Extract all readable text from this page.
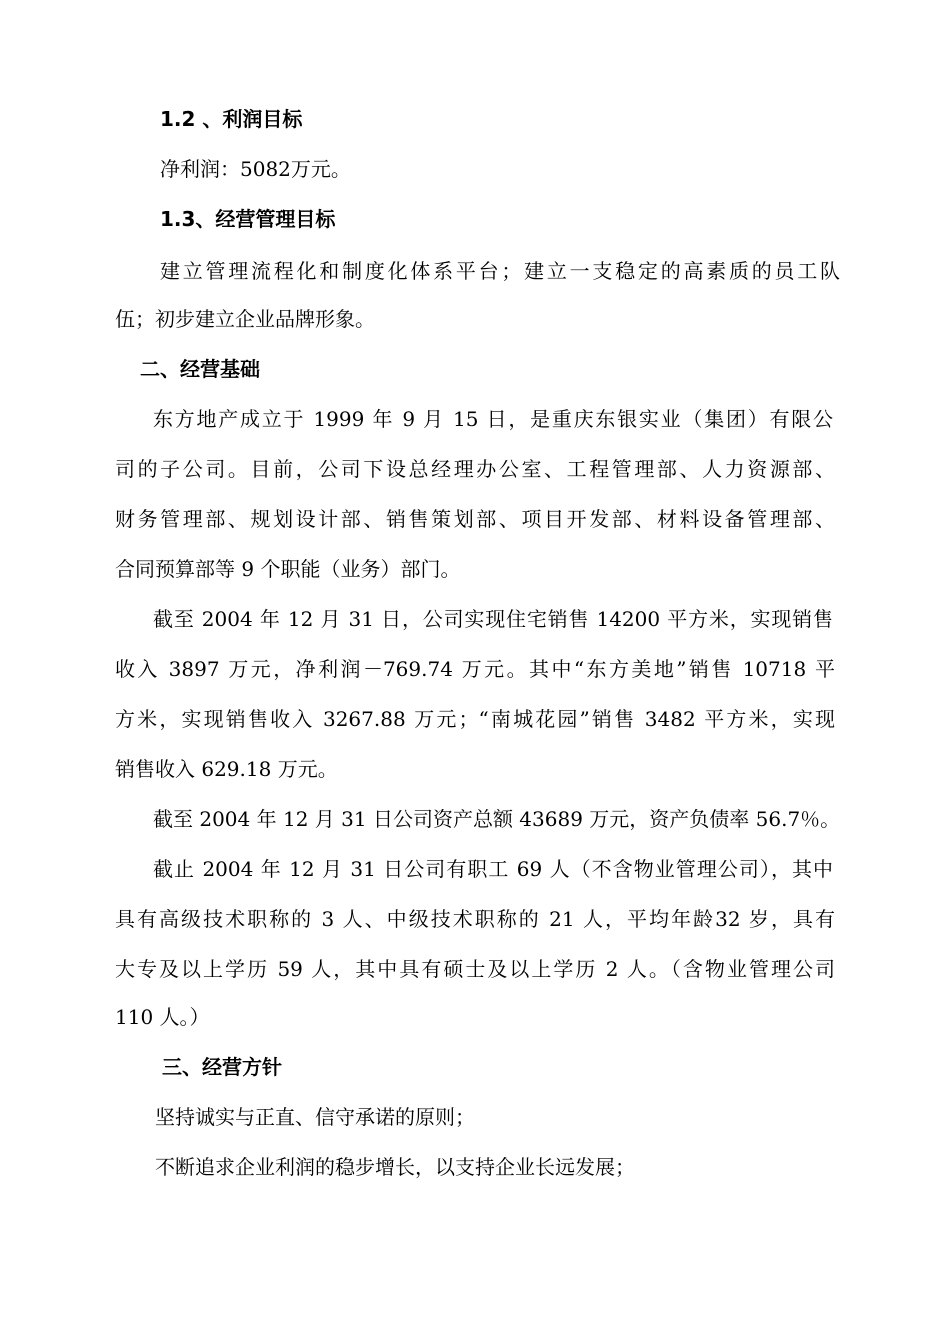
1.2 、利润目标

净利润：5082万元。

1.3、经营管理目标

建立管理流程化和制度化体系平台；建立一支稳定的高素质的员工队

伍；初步建立企业品牌形象。

二、经营基础

东方地产成立于 1999 年 9 月 15 日，是重庆东银实业（集团）有限公

司的子公司。目前，公司下设总经理办公室、工程管理部、人力资源部、

财务管理部、规划设计部、销售策划部、项目开发部、材料设备管理部、

合同预算部等 9 个职能（业务）部门。

截至 2004 年 12 月 31 日，公司实现住宅销售 14200 平方米，实现销售

收入 3897 万元，净利润－769.74 万元。其中“东方美地”销售 10718 平

方米，实现销售收入 3267.88 万元；“南城花园”销售 3482 平方米，实现

销售收入 629.18 万元。

截至 2004 年 12 月 31 日公司资产总额 43689 万元，资产负债率 56.7％。

截止 2004 年 12 月 31 日公司有职工 69 人（不含物业管理公司），其中

具有高级技术职称的 3 人、中级技术职称的 21 人，平均年龄32 岁，具有

大专及以上学历 59 人，其中具有硕士及以上学历 2 人。（含物业管理公司

110 人。）

三、经营方针

坚持诚实与正直、信守承诺的原则；

不断追求企业利润的稳步增长，以支持企业长远发展；
